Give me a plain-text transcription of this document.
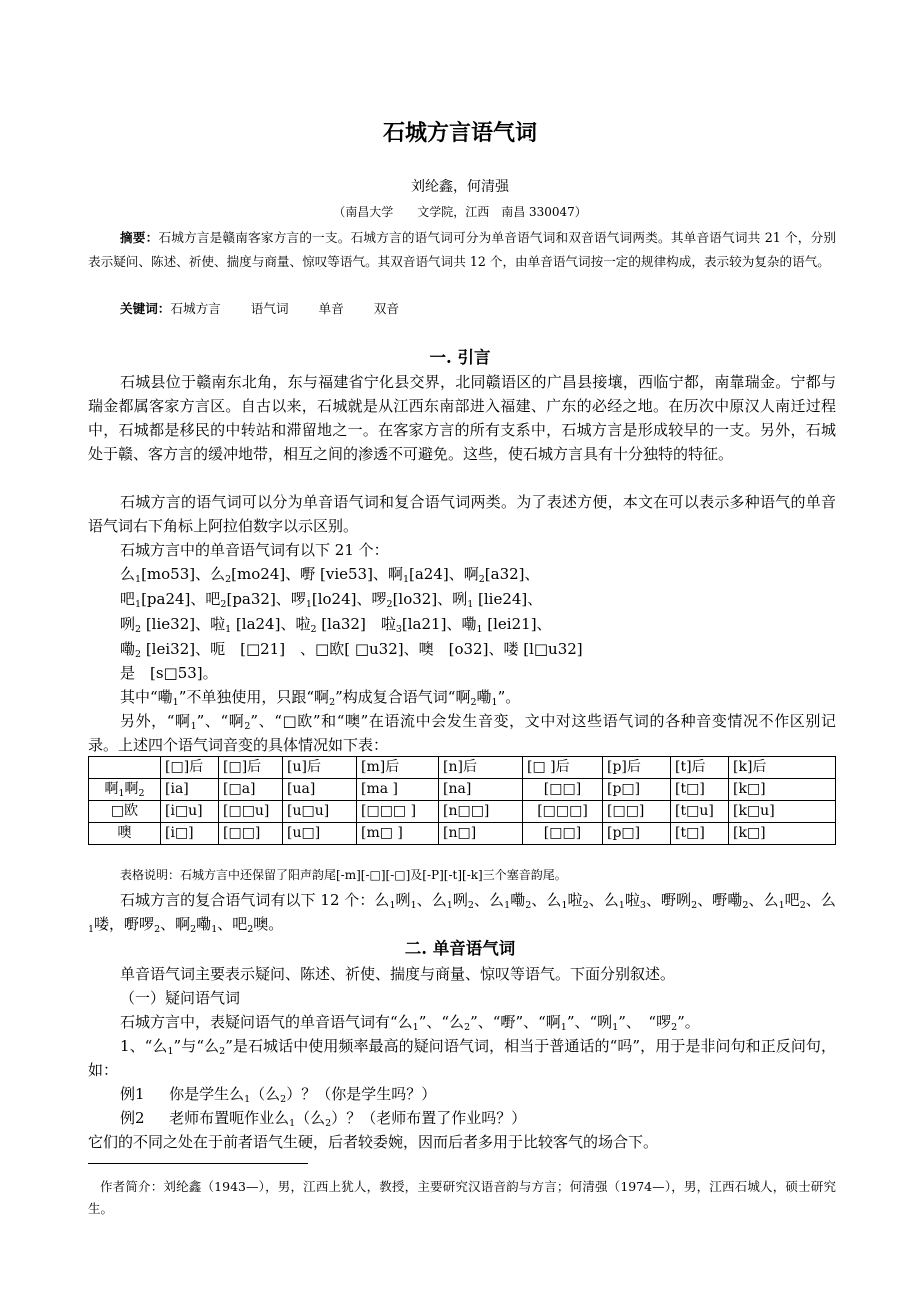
石城方言语气词
刘纶鑫，何清强
（南昌大学　　文学院，江西　南昌 330047）
摘要：石城方言是赣南客家方言的一支。石城方言的语气词可分为单音语气词和双音语气词两类。其单音语气词共 21 个，分别表示疑问、陈述、祈使、揣度与商量、惊叹等语气。其双音语气词共 12 个，由单音语气词按一定的规律构成，表示较为复杂的语气。
关键词：石城方言 语气词 单音 双音
一. 引言
石城县位于赣南东北角，东与福建省宁化县交界，北同赣语区的广昌县接壤，西临宁都，南靠瑞金。宁都与瑞金都属客家方言区。自古以来，石城就是从江西东南部进入福建、广东的必经之地。在历次中原汉人南迁过程中，石城都是移民的中转站和滞留地之一。在客家方言的所有支系中，石城方言是形成较早的一支。另外，石城处于赣、客方言的缓冲地带，相互之间的渗透不可避免。这些，使石城方言具有十分独特的特征。
石城方言的语气词可以分为单音语气词和复合语气词两类。为了表述方便，本文在可以表示多种语气的单音语气词右下角标上阿拉伯数字以示区别。
石城方言中的单音语气词有以下 21 个：
么$_1$[mo53]、么$_2$[mo24]、嘢 [vie53]、啊$_1$[a24]、啊$_2$[a32]、
吧$_1$[pa24]、吧$_2$[pa32]、啰$_1$[lo24]、啰$_2$[lo32]、咧$_1$ [lie24]、
咧$_2$ [lie32]、啦$_1$ [la24]、啦$_2$ [la32]　啦$_3$[la21]、嘞$_1$ [lei21]、
嘞$_2$ [lei32]、呃　[□21]　、□欧[ □u32]、噢　[o32]、喽 [l□u32]
是　[s□53]。
其中“嘞$_1$”不单独使用，只跟“啊$_2$”构成复合语气词“啊$_2$嘞$_1$”。
另外，“啊$_1$”、“啊$_2$”、“□欧”和“噢”在语流中会发生音变，文中对这些语气词的各种音变情况不作区别记录。上述四个语气词音变的具体情况如下表：
	[□]后	[□]后	[u]后	[m]后	[n]后	[□ ]后	[p]后	[t]后	[k]后
啊$_1$啊$_2$	[ia]	[□a]	[ua]	[ma ]	[na]	[□□]	[p□]	[t□]	[k□]
□欧	[i□u]	[□□u]	[u□u]	[□□□ ]	[n□□]	[□□□]	[□□]	[t□u]	[k□u]
噢	[i□]	[□□]	[u□]	[m□ ]	[n□]	[□□]	[p□]	[t□]	[k□]
表格说明：石城方言中还保留了阳声韵尾[-m][-□][-□]及[-P][-t][-k]三个塞音韵尾。
石城方言的复合语气词有以下 12 个：么$_1$咧$_1$、么$_1$咧$_2$、么$_1$嘞$_2$、么$_1$啦$_2$、么$_1$啦$_3$、嘢咧$_2$、嘢嘞$_2$、么$_1$吧$_2$、么$_1$喽，嘢啰$_2$、啊$_2$嘞$_1$、吧$_2$噢。
二. 单音语气词
单音语气词主要表示疑问、陈述、祈使、揣度与商量、惊叹等语气。下面分别叙述。
（一）疑问语气词
石城方言中，表疑问语气的单音语气词有“么$_1$”、“么$_2$”、“嘢”、“啊$_1$”、“咧$_1$”、　“啰$_2$”。
1、“么$_1$”与“么$_2$”是石城话中使用频率最高的疑问语气词，相当于普通话的“吗”，用于是非问句和正反问句，如：
例1　  你是学生么$_1$（么$_2$）？（你是学生吗？）
例2　  老师布置呃作业么$_1$（么$_2$）？（老师布置了作业吗？）
它们的不同之处在于前者语气生硬，后者较委婉，因而后者多用于比较客气的场合下。
作者简介：刘纶鑫（1943—），男，江西上犹人，教授，主要研究汉语音韵与方言；何清强（1974—），男，江西石城人，硕士研究生。
